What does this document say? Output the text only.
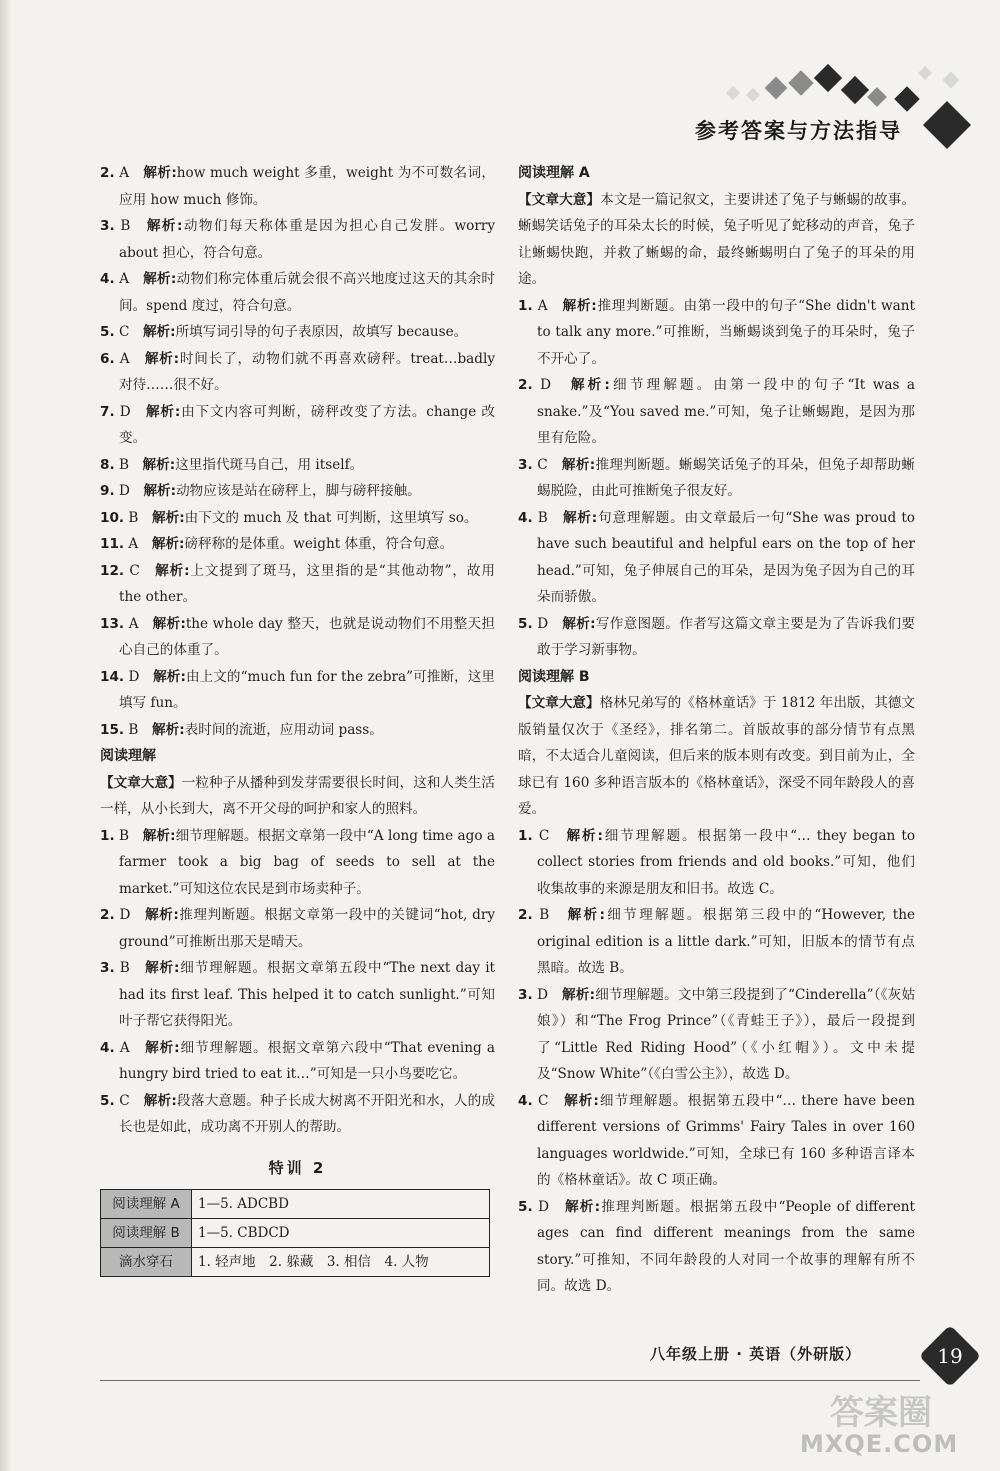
参考答案与方法指导

2. A　 解析:how much weight 多重，weight 为不可数名词，应用 how much 修饰。

3. B　 解析:动物们每天称体重是因为担心自己发胖。worry about 担心，符合句意。

4. A　 解析:动物们称完体重后就会很不高兴地度过这天的其余时间。spend 度过，符合句意。

5. C　 解析:所填写词引导的句子表原因，故填写 because。

6. A　 解析:时间长了，动物们就不再喜欢磅秤。treat…badly 对待……很不好。

7. D　 解析:由下文内容可判断，磅秤改变了方法。change 改变。

8. B　 解析:这里指代斑马自己，用 itself。

9. D　 解析:动物应该是站在磅秤上，脚与磅秤接触。

10. B　 解析:由下文的 much 及 that 可判断，这里填写 so。

11. A　 解析:磅秤称的是体重。weight 体重，符合句意。

12. C　 解析:上文提到了斑马，这里指的是“其他动物”，故用 the other。

13. A　 解析:the whole day 整天，也就是说动物们不用整天担心自己的体重了。

14. D　 解析:由上文的“much fun for the zebra”可推断，这里填写 fun。

15. B　 解析:表时间的流逝，应用动词 pass。

阅读理解

【文章大意】一粒种子从播种到发芽需要很长时间，这和人类生活一样，从小长到大，离不开父母的呵护和家人的照料。

1. B　 解析:细节理解题。根据文章第一段中“A long time ago a farmer took a big bag of seeds to sell at the market.”可知这位农民是到市场卖种子。

2. D　 解析:推理判断题。根据文章第一段中的关键词“hot, dry ground”可推断出那天是晴天。

3. B　 解析:细节理解题。根据文章第五段中“The next day it had its first leaf. This helped it to catch sunlight.”可知叶子帮它获得阳光。

4. A　 解析:细节理解题。根据文章第六段中“That evening a hungry bird tried to eat it…”可知是一只小鸟要吃它。

5. C　 解析:段落大意题。种子长成大树离不开阳光和水，人的成长也是如此，成功离不开别人的帮助。

特训 2
阅读理解 A	1—5. ADCBD
阅读理解 B	1—5. CBDCD
滴水穿石	1. 轻声地　2. 躲藏　3. 相信　4. 人物

阅读理解 A

【文章大意】本文是一篇记叙文，主要讲述了兔子与蜥蜴的故事。蜥蜴笑话兔子的耳朵太长的时候，兔子听见了蛇移动的声音，兔子让蜥蜴快跑，并救了蜥蜴的命，最终蜥蜴明白了兔子的耳朵的用途。

1. A　 解析:推理判断题。由第一段中的句子“She didn't want to talk any more.”可推断，当蜥蜴谈到兔子的耳朵时，兔子不开心了。

2. D　 解析:细节理解题。由第一段中的句子“It was a snake.”及“You saved me.”可知，兔子让蜥蜴跑，是因为那里有危险。

3. C　 解析:推理判断题。蜥蜴笑话兔子的耳朵，但兔子却帮助蜥蜴脱险，由此可推断兔子很友好。

4. B　 解析:句意理解题。由文章最后一句“She was proud to have such beautiful and helpful ears on the top of her head.”可知，兔子伸展自己的耳朵，是因为兔子因为自己的耳朵而骄傲。

5. D　 解析:写作意图题。作者写这篇文章主要是为了告诉我们要敢于学习新事物。

阅读理解 B

【文章大意】格林兄弟写的《格林童话》于 1812 年出版，其德文版销量仅次于《圣经》，排名第二。首版故事的部分情节有点黑暗，不太适合儿童阅读，但后来的版本则有改变。到目前为止，全球已有 160 多种语言版本的《格林童话》，深受不同年龄段人的喜爱。

1. C　 解析:细节理解题。根据第一段中“… they began to collect stories from friends and old books.”可知，他们收集故事的来源是朋友和旧书。故选 C。

2. B　 解析:细节理解题。根据第三段中的“However, the original edition is a little dark.”可知，旧版本的情节有点黑暗。故选 B。

3. D　 解析:细节理解题。文中第三段提到了“Cinderella”（《灰姑娘》）和“The Frog Prince”（《青蛙王子》），最后一段提到了“Little Red Riding Hood”（《小红帽》）。文中未提及“Snow White”（《白雪公主》），故选 D。

4. C　 解析:细节理解题。根据第五段中“… there have been different versions of Grimms' Fairy Tales in over 160 languages worldwide.”可知，全球已有 160 多种语言译本的《格林童话》。故 C 项正确。

5. D　 解析:推理判断题。根据第五段中“People of different ages can find different meanings from the same story.”可推知，不同年龄段的人对同一个故事的理解有所不同。故选 D。

八年级上册 · 英语（外研版）	19
答案圈
MXQE.COM
